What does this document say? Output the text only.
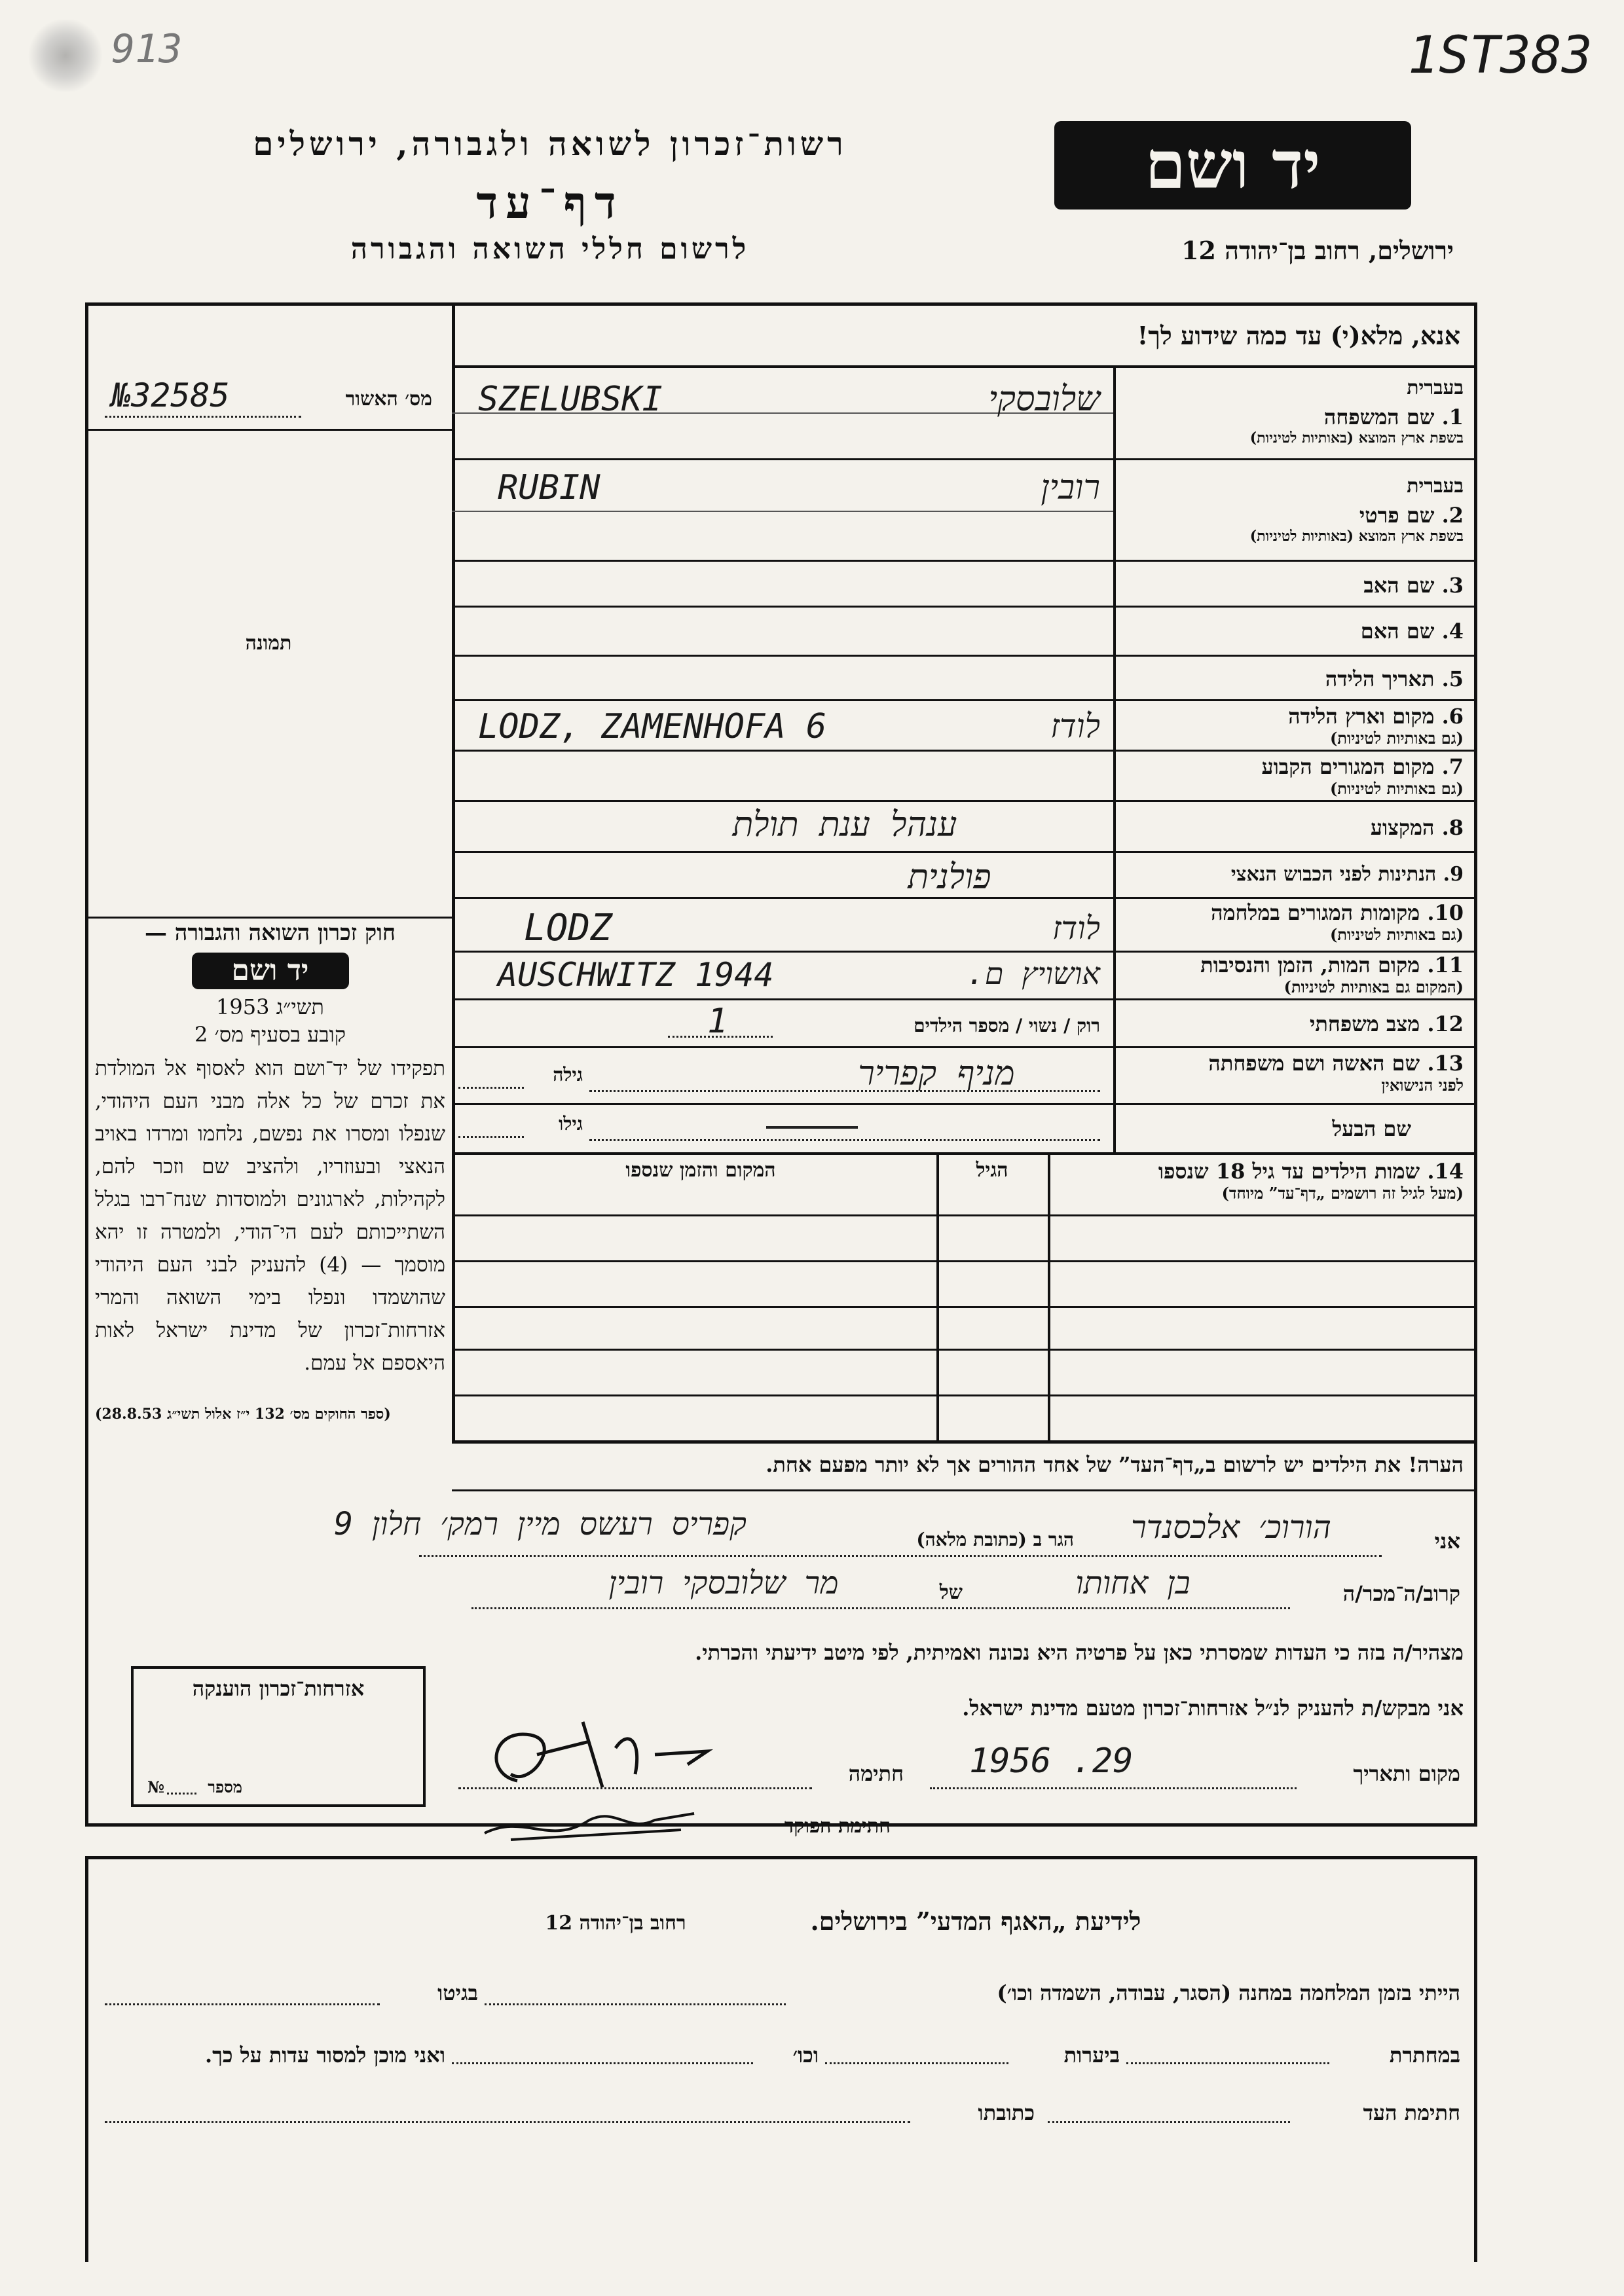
913	1ST383
רשות־זכרון לשואה ולגבורה, ירושלים
דף־עד
לרשום חללי השואה והגבורה
יד ושם
ירושלים, רחוב בן־יהודה 12
אנא, מלא(י) עד כמה שידוע לך!
מס׳ האשור
№32585
תמונה
בעברית
1. שם המשפחה
בשפת ארץ המוצא (באותיות לטיניות)
SZELUBSKI	שלובסקי
בעברית
2. שם פרטי
בשפת ארץ המוצא (באותיות לטיניות)
RUBIN	רובין
3. שם האב
4. שם האם
5. תאריך הלידה
6. מקום וארץ הלידה
(גם באותיות לטיניות)
LODZ, ZAMENHOFA 6	לודז
7. מקום המגורים הקבוע
(גם באותיות לטיניות)
8. המקצוע
ענהל ענת תולת
9. הנתינות לפני הכבוש הנאצי
פולנית
10. מקומות המגורים במלחמה
(גם באותיות לטיניות)
LODZ	לודז
11. מקום המות, הזמן והנסיבות
(המקום גם באותיות לטיניות)
AUSCHWITZ 1944	אושויץ ם.
12. מצב משפחתי
רוק / נשוי / מספר הילדים
1
13. שם האשה ושם משפחתה
לפני הנישואין
גילה	מניף קפריר
שם הבעל
גילו
14. שמות הילדים עד גיל 18 שנספו
(מעל לגיל זה רושמים „דף־עד” מיוחד)
הגיל
המקום והזמן שנספו
הערה! את הילדים יש לרשום ב„דף־העד” של אחד ההורים אך לא יותר מפעם אחת.
חוק זכרון השואה והגבורה —
יד ושם
תשי״ג 1953
קובע בסעיף מס׳ 2
תפקידו של יד־ושם הוא לאסוף אל המולדת את זכרם של כל אלה מבני העם היהודי, שנפלו ומסרו את נפשם, נלחמו ומרדו באויב הנאצי ובעוזריו, ולהציב שם וזכר להם, לקהילות, לארגונים ולמוסדות שנח־רבו בגלל השתייכותם לעם הי־הודי, ולמטרה זו יהא מוסמך — (4) להעניק לבני העם היהודי שהושמדו ונפלו בימי השואה והמרי אזרחות־זכרון של מדינת ישראל לאות היאספם אל עמם.
(ספר החוקים מס׳ 132 י״ז אלול תשי״ג 28.8.53)
אני
הורוכ׳ אלכסנדר
הגר ב (כתובת מלאה)
קפריס רעשס מיין רמק׳ חלון 9
קרוב/ה־מכר/ה
בן אחותו
של
מר שלובסקי רובין
מצהיר/ה בזה כי העדות שמסרתי כאן על פרטיה היא נכונה ואמיתית, לפי מיטב ידיעתי והכרתי.
אני מבקש/ת להעניק לנ״ל אזרחות־זכרון מטעם מדינת ישראל.
מקום ותאריך
1956 .29
חתימה
חתימת הפוקד
אזרחות־זכרון הוענקה
מספר
№
לידיעת „האגף המדעי” בירושלים.
רחוב בן־יהודה 12
הייתי בזמן המלחמה במחנה (הסגר, עבודה, השמדה וכו׳)
בגיטו
במחתרת
ביערות
וכו׳
ואני מוכן למסור עדות על כך.
חתימת העד
כתובתו
